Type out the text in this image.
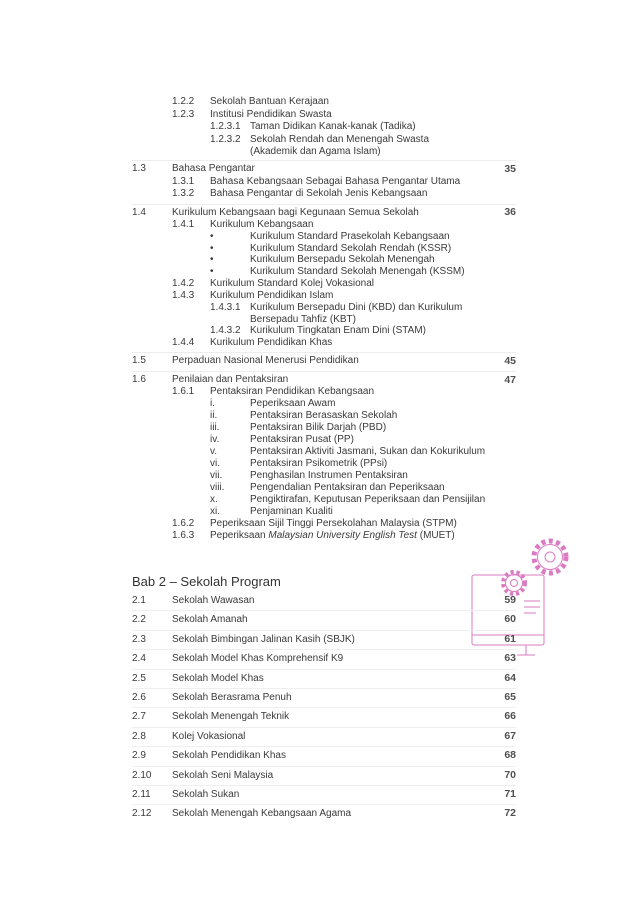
1.2.2 Sekolah Bantuan Kerajaan
1.2.3 Institusi Pendidikan Swasta
1.2.3.1 Taman Didikan Kanak-kanak (Tadika)
1.2.3.2 Sekolah Rendah dan Menengah Swasta
(Akademik dan Agama Islam)
1.3	Bahasa Pengantar	35
1.3.1 Bahasa Kebangsaan Sebagai Bahasa Pengantar Utama
1.3.2 Bahasa Pengantar di Sekolah Jenis Kebangsaan
1.4	Kurikulum Kebangsaan bagi Kegunaan Semua Sekolah	36
1.4.1 Kurikulum Kebangsaan
•	Kurikulum Standard Prasekolah Kebangsaan
•	Kurikulum Standard Sekolah Rendah (KSSR)
•	Kurikulum Bersepadu Sekolah Menengah
•	Kurikulum Standard Sekolah Menengah (KSSM)
1.4.2 Kurikulum Standard Kolej Vokasional
1.4.3 Kurikulum Pendidikan Islam
1.4.3.1 Kurikulum Bersepadu Dini (KBD) dan Kurikulum
Bersepadu Tahfiz (KBT)
1.4.3.2 Kurikulum Tingkatan Enam Dini (STAM)
1.4.4 Kurikulum Pendidikan Khas
1.5	Perpaduan Nasional Menerusi Pendidikan	45
1.6	Penilaian dan Pentaksiran	47
1.6.1 Pentaksiran Pendidikan Kebangsaan
i.	Peperiksaan Awam
ii.	Pentaksiran Berasaskan Sekolah
iii.	Pentaksiran Bilik Darjah (PBD)
iv.	Pentaksiran Pusat (PP)
v.	Pentaksiran Aktiviti Jasmani, Sukan dan Kokurikulum
vi.	Pentaksiran Psikometrik (PPsi)
vii.	Penghasilan Instrumen Pentaksiran
viii.	Pengendalian Pentaksiran dan Peperiksaan
x.	Pengiktirafan, Keputusan Peperiksaan dan Pensijilan
xi.	Penjaminan Kualiti
1.6.2 Peperiksaan Sijil Tinggi Persekolahan Malaysia (STPM)
1.6.3 Peperiksaan Malaysian University English Test (MUET)
Bab 2 – Sekolah Program
2.1	Sekolah Wawasan	59
2.2	Sekolah Amanah	60
2.3	Sekolah Bimbingan Jalinan Kasih (SBJK)	61
2.4	Sekolah Model Khas Komprehensif K9	63
2.5	Sekolah Model Khas	64
2.6	Sekolah Berasrama Penuh	65
2.7	Sekolah Menengah Teknik	66
2.8	Kolej Vokasional	67
2.9	Sekolah Pendidikan Khas	68
2.10 Sekolah Seni Malaysia	70
2.11 Sekolah Sukan	71
2.12 Sekolah Menengah Kebangsaan Agama	72
